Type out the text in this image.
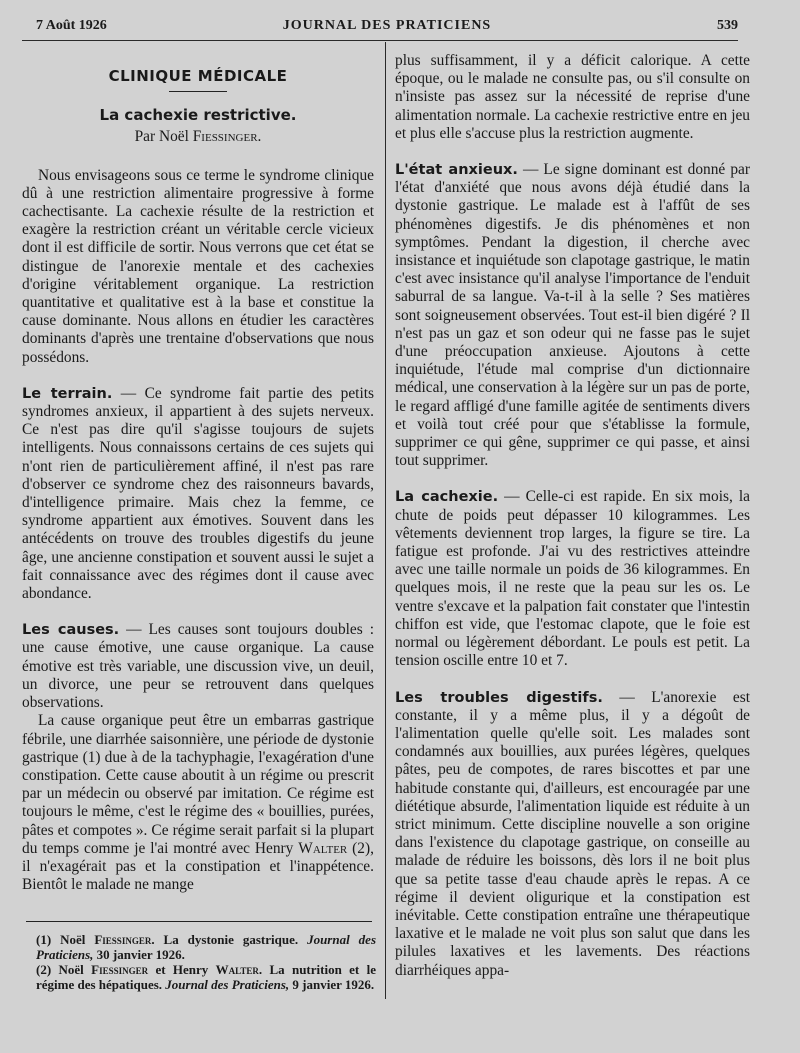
7 Août 1926	JOURNAL DES PRATICIENS	539
CLINIQUE MÉDICALE
La cachexie restrictive.
Par Noël Fiessinger.

Nous envisageons sous ce terme le syndrome clinique dû à une restriction alimentaire progressive à forme cachectisante. La cachexie résulte de la restriction et exagère la restriction créant un véritable cercle vicieux dont il est difficile de sortir. Nous verrons que cet état se distingue de l'anorexie mentale et des cachexies d'origine véritablement organique. La restriction quantitative et qualitative est à la base et constitue la cause dominante. Nous allons en étudier les caractères dominants d'après une trentaine d'observations que nous possédons.

Le terrain. — Ce syndrome fait partie des petits syndromes anxieux, il appartient à des sujets nerveux. Ce n'est pas dire qu'il s'agisse toujours de sujets intelligents. Nous connaissons certains de ces sujets qui n'ont rien de particulièrement affiné, il n'est pas rare d'observer ce syndrome chez des raisonneurs bavards, d'intelligence primaire. Mais chez la femme, ce syndrome appartient aux émotives. Souvent dans les antécédents on trouve des troubles digestifs du jeune âge, une ancienne constipation et souvent aussi le sujet a fait connaissance avec des régimes dont il cause avec abondance.

Les causes. — Les causes sont toujours doubles : une cause émotive, une cause organique. La cause émotive est très variable, une discussion vive, un deuil, un divorce, une peur se retrouvent dans quelques observations.

La cause organique peut être un embarras gastrique fébrile, une diarrhée saisonnière, une période de dystonie gastrique (1) due à de la tachyphagie, l'exagération d'une constipation. Cette cause aboutit à un régime ou prescrit par un médecin ou observé par imitation. Ce régime est toujours le même, c'est le régime des « bouillies, purées, pâtes et compotes ». Ce régime serait parfait si la plupart du temps comme je l'ai montré avec Henry Walter (2), il n'exagérait pas et la constipation et l'inappétence. Bientôt le malade ne mange

(1) Noël Fiessinger. La dystonie gastrique. Journal des Praticiens, 30 janvier 1926.

(2) Noël Fiessinger et Henry Walter. La nutrition et le régime des hépatiques. Journal des Praticiens, 9 janvier 1926.

plus suffisamment, il y a déficit calorique. A cette époque, ou le malade ne consulte pas, ou s'il consulte on n'insiste pas assez sur la nécessité de reprise d'une alimentation normale. La cachexie restrictive entre en jeu et plus elle s'accuse plus la restriction augmente.

L'état anxieux. — Le signe dominant est donné par l'état d'anxiété que nous avons déjà étudié dans la dystonie gastrique. Le malade est à l'affût de ses phénomènes digestifs. Je dis phénomènes et non symptômes. Pendant la digestion, il cherche avec insistance et inquiétude son clapotage gastrique, le matin c'est avec insistance qu'il analyse l'importance de l'enduit saburral de sa langue. Va-t-il à la selle ? Ses matières sont soigneusement observées. Tout est-il bien digéré ? Il n'est pas un gaz et son odeur qui ne fasse pas le sujet d'une préoccupation anxieuse. Ajoutons à cette inquiétude, l'étude mal comprise d'un dictionnaire médical, une conservation à la légère sur un pas de porte, le regard affligé d'une famille agitée de sentiments divers et voilà tout créé pour que s'établisse la formule, supprimer ce qui gêne, supprimer ce qui passe, et ainsi tout supprimer.

La cachexie. — Celle-ci est rapide. En six mois, la chute de poids peut dépasser 10 kilogrammes. Les vêtements deviennent trop larges, la figure se tire. La fatigue est profonde. J'ai vu des restrictives atteindre avec une taille normale un poids de 36 kilogrammes. En quelques mois, il ne reste que la peau sur les os. Le ventre s'excave et la palpation fait constater que l'intestin chiffon est vide, que l'estomac clapote, que le foie est normal ou légèrement débordant. Le pouls est petit. La tension oscille entre 10 et 7.

Les troubles digestifs. — L'anorexie est constante, il y a même plus, il y a dégoût de l'alimentation quelle qu'elle soit. Les malades sont condamnés aux bouillies, aux purées légères, quelques pâtes, peu de compotes, de rares biscottes et par une habitude constante qui, d'ailleurs, est encouragée par une diététique absurde, l'alimentation liquide est réduite à un strict minimum. Cette discipline nouvelle a son origine dans l'existence du clapotage gastrique, on conseille au malade de réduire les boissons, dès lors il ne boit plus que sa petite tasse d'eau chaude après le repas. A ce régime il devient oligurique et la constipation est inévitable. Cette constipation entraîne une thérapeutique laxative et le malade ne voit plus son salut que dans les pilules laxatives et les lavements. Des réactions diarrhéiques appa-
